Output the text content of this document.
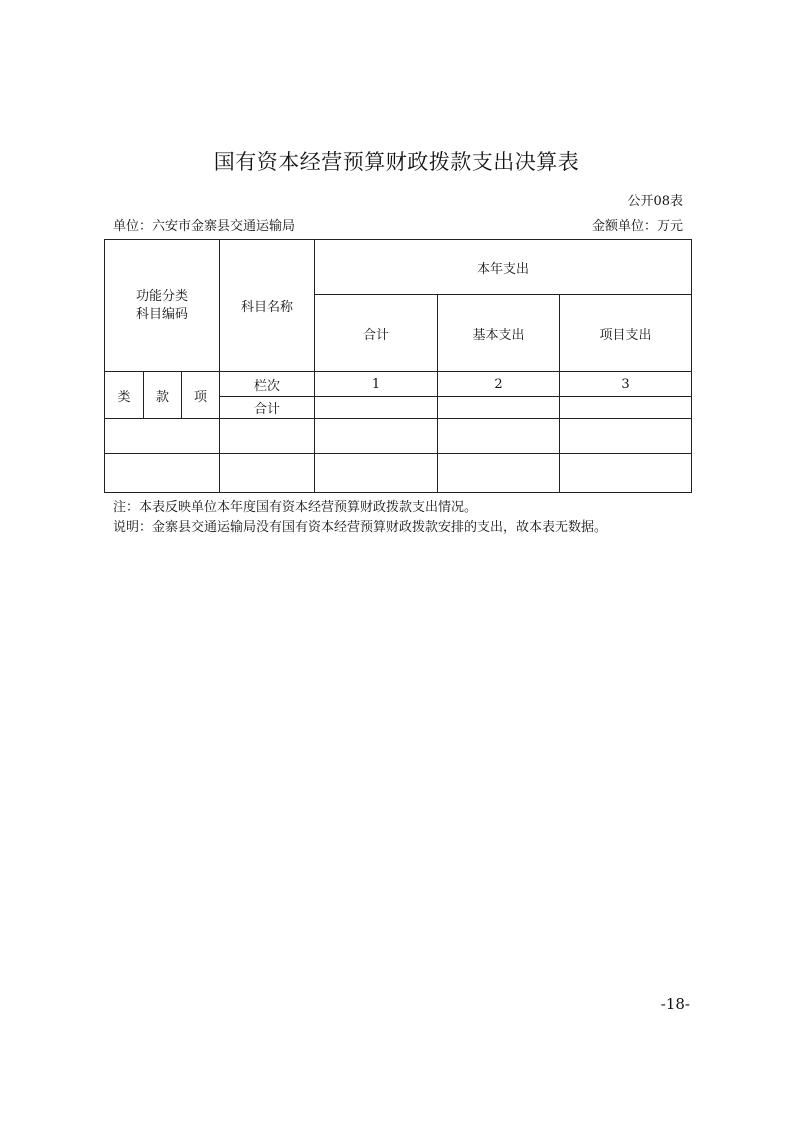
国有资本经营预算财政拨款支出决算表
公开08表
单位：六安市金寨县交通运输局	金额单位：万元
功能分类
科目编码			科目名称	本年支出		
				合计	基本支出	项目支出
类	款	项	栏次	1	2	3
			合计			

注：本表反映单位本年度国有资本经营预算财政拨款支出情况。
说明：金寨县交通运输局没有国有资本经营预算财政拨款安排的支出，故本表无数据。
-18-
